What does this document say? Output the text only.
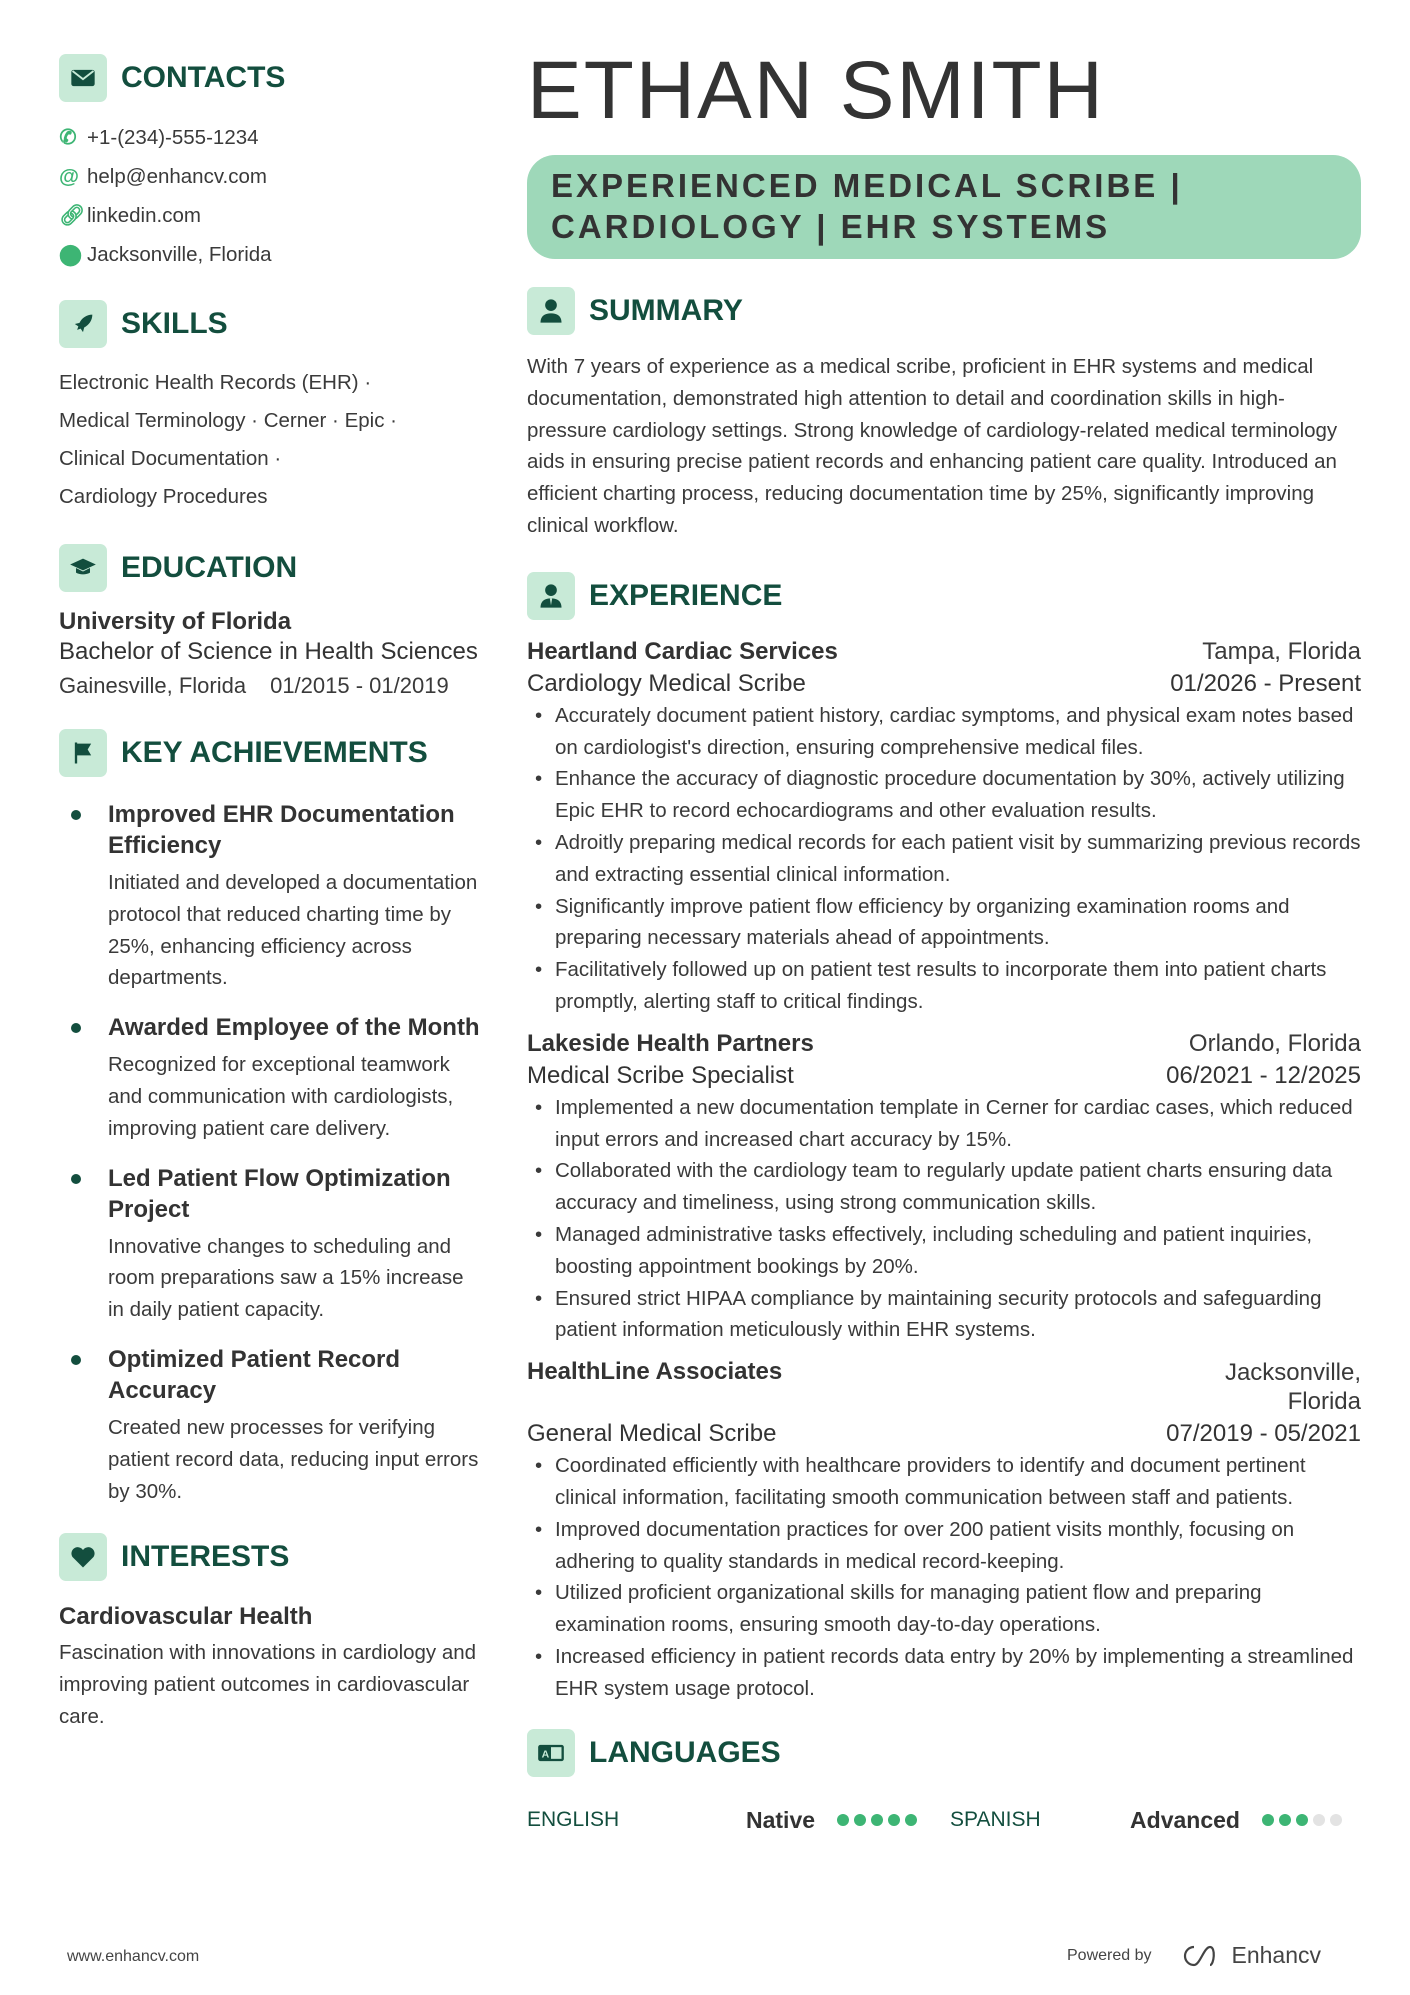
CONTACTS
✆ +1-(234)-555-1234
@ help@enhancv.com
🔗︎ linkedin.com
⬤ Jacksonville, Florida
SKILLS
Electronic Health Records (EHR) ·
Medical Terminology · Cerner · Epic ·
Clinical Documentation ·
Cardiology Procedures
EDUCATION
University of Florida
Bachelor of Science in Health Sciences
Gainesville, Florida 01/2015 - 01/2019
KEY ACHIEVEMENTS
Improved EHR Documentation Efficiency

Initiated and developed a documentation protocol that reduced charting time by 25%, enhancing efficiency across departments.

Awarded Employee of the Month

Recognized for exceptional teamwork and communication with cardiologists, improving patient care delivery.

Led Patient Flow Optimization Project

Innovative changes to scheduling and room preparations saw a 15% increase in daily patient capacity.

Optimized Patient Record Accuracy

Created new processes for verifying patient record data, reducing input errors by 30%.

INTERESTS
Cardiovascular Health

Fascination with innovations in cardiology and improving patient outcomes in cardiovascular care.

ETHAN SMITH
EXPERIENCED MEDICAL SCRIBE | CARDIOLOGY | EHR SYSTEMS
SUMMARY

With 7 years of experience as a medical scribe, proficient in EHR systems and medical documentation, demonstrated high attention to detail and coordination skills in high-pressure cardiology settings. Strong knowledge of cardiology-related medical terminology aids in ensuring precise patient records and enhancing patient care quality. Introduced an efficient charting process, reducing documentation time by 25%, significantly improving clinical workflow.

EXPERIENCE
Heartland Cardiac Services	Tampa, Florida
Cardiology Medical Scribe	01/2026 - Present
• Accurately document patient history, cardiac symptoms, and physical exam notes based on cardiologist's direction, ensuring comprehensive medical files.
• Enhance the accuracy of diagnostic procedure documentation by 30%, actively utilizing Epic EHR to record echocardiograms and other evaluation results.
• Adroitly preparing medical records for each patient visit by summarizing previous records and extracting essential clinical information.
• Significantly improve patient flow efficiency by organizing examination rooms and preparing necessary materials ahead of appointments.
• Facilitatively followed up on patient test results to incorporate them into patient charts promptly, alerting staff to critical findings.
Lakeside Health Partners	Orlando, Florida
Medical Scribe Specialist	06/2021 - 12/2025
• Implemented a new documentation template in Cerner for cardiac cases, which reduced input errors and increased chart accuracy by 15%.
• Collaborated with the cardiology team to regularly update patient charts ensuring data accuracy and timeliness, using strong communication skills.
• Managed administrative tasks effectively, including scheduling and patient inquiries, boosting appointment bookings by 20%.
• Ensured strict HIPAA compliance by maintaining security protocols and safeguarding patient information meticulously within EHR systems.
HealthLine Associates	Jacksonville, Florida
General Medical Scribe	07/2019 - 05/2021
• Coordinated efficiently with healthcare providers to identify and document pertinent clinical information, facilitating smooth communication between staff and patients.
• Improved documentation practices for over 200 patient visits monthly, focusing on adhering to quality standards in medical record-keeping.
• Utilized proficient organizational skills for managing patient flow and preparing examination rooms, ensuring smooth day-to-day operations.
• Increased efficiency in patient records data entry by 20% by implementing a streamlined EHR system usage protocol.
A LANGUAGES
ENGLISH	Native	SPANISH	Advanced
www.enhancv.com	Powered by	Enhancv
